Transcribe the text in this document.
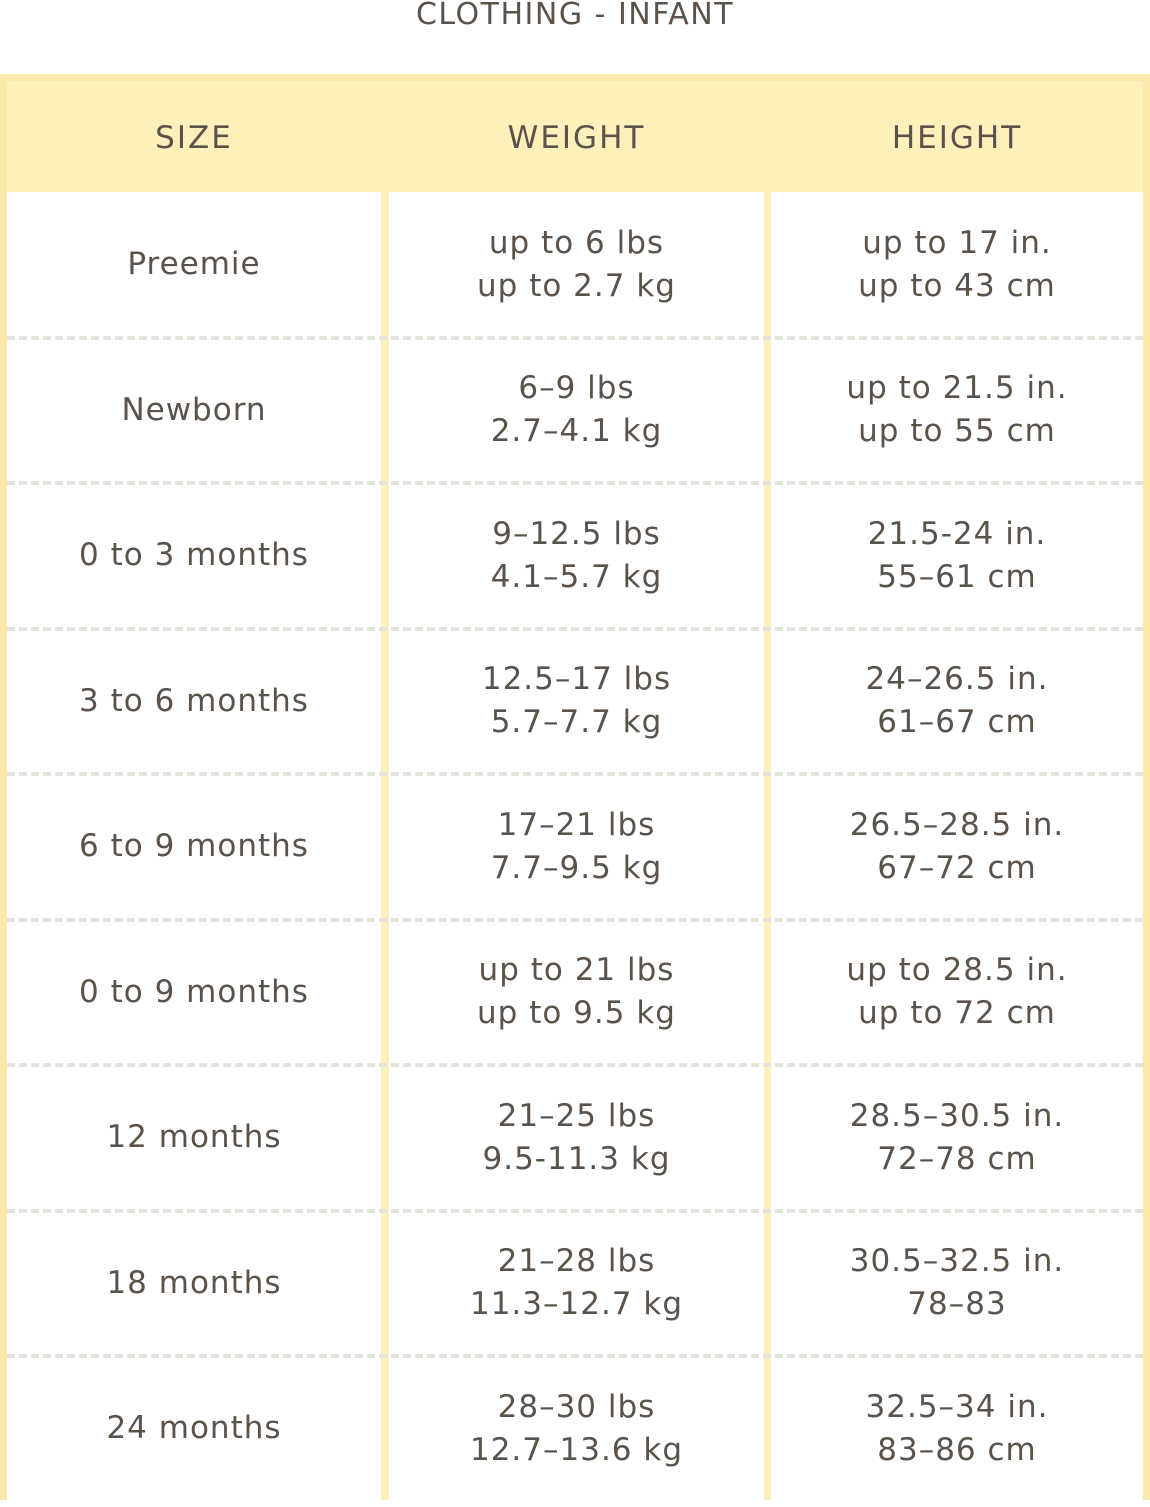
CLOTHING - INFANT
SIZE	WEIGHT	HEIGHT
Preemie
up to 6 lbs
up to 2.7 kg
up to 17 in.
up to 43 cm
Newborn
6–9 lbs
2.7–4.1 kg
up to 21.5 in.
up to 55 cm
0 to 3 months
9–12.5 lbs
4.1–5.7 kg
21.5-24 in.
55–61 cm
3 to 6 months
12.5–17 lbs
5.7–7.7 kg
24–26.5 in.
61–67 cm
6 to 9 months
17–21 lbs
7.7–9.5 kg
26.5–28.5 in.
67–72 cm
0 to 9 months
up to 21 lbs
up to 9.5 kg
up to 28.5 in.
up to 72 cm
12 months
21–25 lbs
9.5-11.3 kg
28.5–30.5 in.
72–78 cm
18 months
21–28 lbs
11.3–12.7 kg
30.5–32.5 in.
78–83
24 months
28–30 lbs
12.7–13.6 kg
32.5–34 in.
83–86 cm
